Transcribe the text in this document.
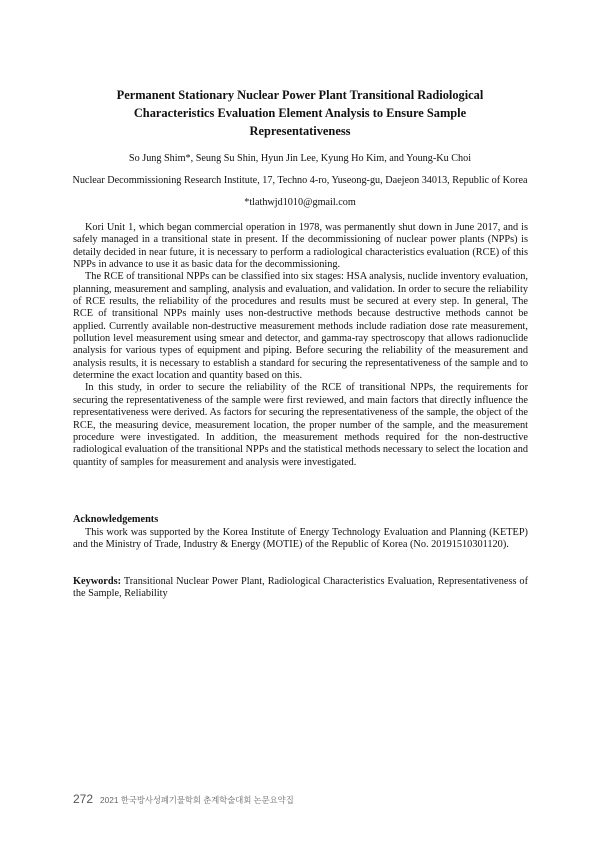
Permanent Stationary Nuclear Power Plant Transitional Radiological
Characteristics Evaluation Element Analysis to Ensure Sample
Representativeness
So Jung Shim*, Seung Su Shin, Hyun Jin Lee, Kyung Ho Kim, and Young-Ku Choi
Nuclear Decommissioning Research Institute, 17, Techno 4-ro, Yuseong-gu, Daejeon 34013, Republic of Korea
*tlathwjd1010@gmail.com

Kori Unit 1, which began commercial operation in 1978, was permanently shut down in June 2017, and is safely managed in a transitional state in present. If the decommissioning of nuclear power plants (NPPs) is detaily decided in near future, it is necessary to perform a radiological characteristics evaluation (RCE) of this NPPs in advance to use it as basic data for the decommissioning.

The RCE of transitional NPPs can be classified into six stages: HSA analysis, nuclide inventory evaluation, planning, measurement and sampling, analysis and evaluation, and validation. In order to secure the reliability of RCE results, the reliability of the procedures and results must be secured at every step. In general, The RCE of transitional NPPs mainly uses non-destructive methods because destructive methods cannot be applied. Currently available non-destructive measurement methods include radiation dose rate measurement, pollution level measurement using smear and detector, and gamma-ray spectroscopy that allows radionuclide analysis for various types of equipment and piping. Before securing the reliability of the measurement and analysis results, it is necessary to establish a standard for securing the representativeness of the sample and to determine the exact location and quantity based on this.

In this study, in order to secure the reliability of the RCE of transitional NPPs, the requirements for securing the representativeness of the sample were first reviewed, and main factors that directly influence the representativeness were derived. As factors for securing the representativeness of the sample, the object of the RCE, the measuring device, measurement location, the proper number of the sample, and the measurement procedure were investigated. In addition, the measurement methods required for the non-destructive radiological evaluation of the transitional NPPs and the statistical methods necessary to select the location and quantity of samples for measurement and analysis were investigated.

Acknowledgements

This work was supported by the Korea Institute of Energy Technology Evaluation and Planning (KETEP) and the Ministry of Trade, Industry & Energy (MOTIE) of the Republic of Korea (No. 20191510301120).

Keywords: Transitional Nuclear Power Plant, Radiological Characteristics Evaluation, Representativeness of the Sample, Reliability

272 2021 한국방사성폐기물학회 춘계학술대회 논문요약집
